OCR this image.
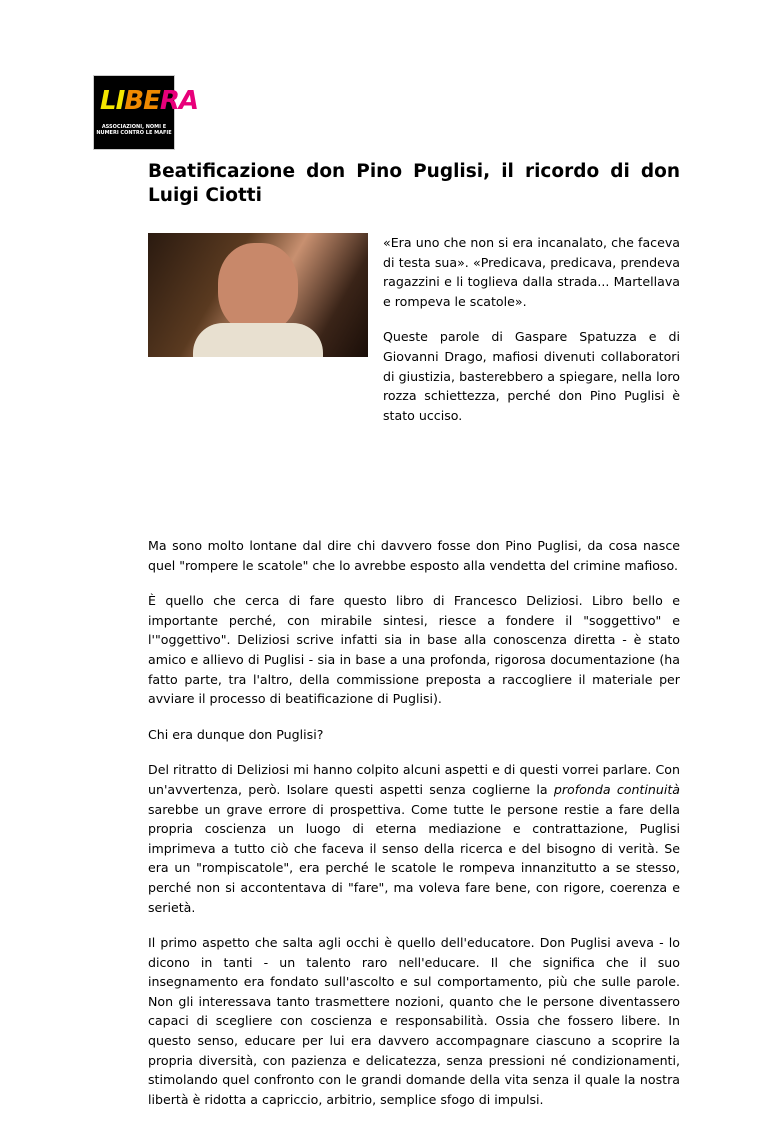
LIBERA
ASSOCIAZIONI, NOMI E NUMERI CONTRO LE MAFIE
Beatificazione don Pino Puglisi, il ricordo di don Luigi Ciotti

«Era uno che non si era incanalato, che faceva di testa sua». «Predicava, predicava, prendeva ragazzini e li toglieva dalla strada... Martellava e rompeva le scatole».

Queste parole di Gaspare Spatuzza e di Giovanni Drago, mafiosi divenuti collaboratori di giustizia, basterebbero a spiegare, nella loro rozza schiettezza, perché don Pino Puglisi è stato ucciso.

Ma sono molto lontane dal dire chi davvero fosse don Pino Puglisi, da cosa nasce quel "rompere le scatole" che lo avrebbe esposto alla vendetta del crimine mafioso.

È quello che cerca di fare questo libro di Francesco Deliziosi. Libro bello e importante perché, con mirabile sintesi, riesce a fondere il "soggettivo" e l'"oggettivo". Deliziosi scrive infatti sia in base alla conoscenza diretta - è stato amico e allievo di Puglisi - sia in base a una profonda, rigorosa documentazione (ha fatto parte, tra l'altro, della commissione preposta a raccogliere il materiale per avviare il processo di beatificazione di Puglisi).

Chi era dunque don Puglisi?

Del ritratto di Deliziosi mi hanno colpito alcuni aspetti e di questi vorrei parlare. Con un'avvertenza, però. Isolare questi aspetti senza coglierne la profonda continuità sarebbe un grave errore di prospettiva. Come tutte le persone restie a fare della propria coscienza un luogo di eterna mediazione e contrattazione, Puglisi imprimeva a tutto ciò che faceva il senso della ricerca e del bisogno di verità. Se era un "rompiscatole", era perché le scatole le rompeva innanzitutto a se stesso, perché non si accontentava di "fare", ma voleva fare bene, con rigore, coerenza e serietà.

Il primo aspetto che salta agli occhi è quello dell'educatore. Don Puglisi aveva - lo dicono in tanti - un talento raro nell'educare. Il che significa che il suo insegnamento era fondato sull'ascolto e sul comportamento, più che sulle parole. Non gli interessava tanto trasmettere nozioni, quanto che le persone diventassero capaci di scegliere con coscienza e responsabilità. Ossia che fossero libere. In questo senso, educare per lui era davvero accompagnare ciascuno a scoprire la propria diversità, con pazienza e delicatezza, senza pressioni né condizionamenti, stimolando quel confronto con le grandi domande della vita senza il quale la nostra libertà è ridotta a capriccio, arbitrio, semplice sfogo di impulsi.
